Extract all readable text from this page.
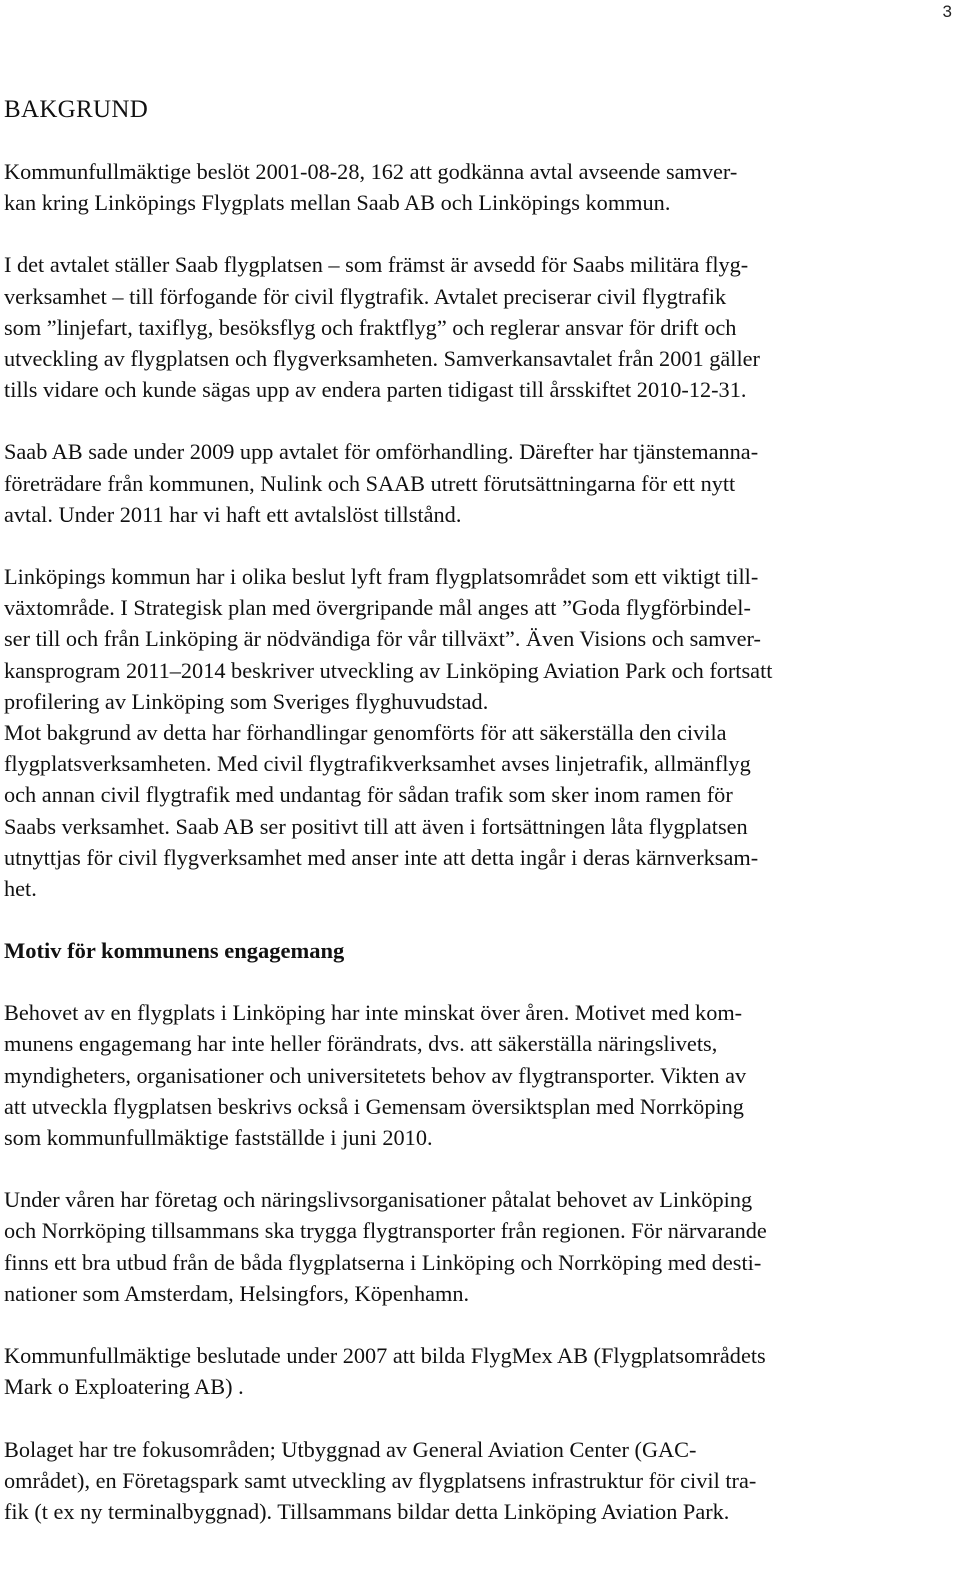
3
BAKGRUND

Kommunfullmäktige beslöt 2001-08-28, 162 att godkänna avtal avseende samver-
kan kring Linköpings Flygplats mellan Saab AB och Linköpings kommun.

I det avtalet ställer Saab flygplatsen – som främst är avsedd för Saabs militära flyg-
verksamhet – till förfogande för civil flygtrafik. Avtalet preciserar civil flygtrafik
som ”linjefart, taxiflyg, besöksflyg och fraktflyg” och reglerar ansvar för drift och
utveckling av flygplatsen och flygverksamheten. Samverkansavtalet från 2001 gäller
tills vidare och kunde sägas upp av endera parten tidigast till årsskiftet 2010-12-31.

Saab AB sade under 2009 upp avtalet för omförhandling. Därefter har tjänstemanna-
företrädare från kommunen, Nulink och SAAB utrett förutsättningarna för ett nytt
avtal. Under 2011 har vi haft ett avtalslöst tillstånd.

Linköpings kommun har i olika beslut lyft fram flygplatsområdet som ett viktigt till-
växtområde. I Strategisk plan med övergripande mål anges att ”Goda flygförbindel-
ser till och från Linköping är nödvändiga för vår tillväxt”. Även Visions och samver-
kansprogram 2011–2014 beskriver utveckling av Linköping Aviation Park och fortsatt
profilering av Linköping som Sveriges flyghuvudstad.

Mot bakgrund av detta har förhandlingar genomförts för att säkerställa den civila
flygplatsverksamheten. Med civil flygtrafikverksamhet avses linjetrafik, allmänflyg
och annan civil flygtrafik med undantag för sådan trafik som sker inom ramen för
Saabs verksamhet. Saab AB ser positivt till att även i fortsättningen låta flygplatsen
utnyttjas för civil flygverksamhet med anser inte att detta ingår i deras kärnverksam-
het.

Motiv för kommunens engagemang

Behovet av en flygplats i Linköping har inte minskat över åren. Motivet med kom-
munens engagemang har inte heller förändrats, dvs. att säkerställa näringslivets,
myndigheters, organisationer och universitetets behov av flygtransporter. Vikten av
att utveckla flygplatsen beskrivs också i Gemensam översiktsplan med Norrköping
som kommunfullmäktige fastställde i juni 2010.

Under våren har företag och näringslivsorganisationer påtalat behovet av Linköping
och Norrköping tillsammans ska trygga flygtransporter från regionen. För närvarande
finns ett bra utbud från de båda flygplatserna i Linköping och Norrköping med desti-
nationer som Amsterdam, Helsingfors, Köpenhamn.

Kommunfullmäktige beslutade under 2007 att bilda FlygMex AB (Flygplatsområdets
Mark o Exploatering AB) .

Bolaget har tre fokusområden; Utbyggnad av General Aviation Center (GAC-
området), en Företagspark samt utveckling av flygplatsens infrastruktur för civil tra-
fik (t ex ny terminalbyggnad). Tillsammans bildar detta Linköping Aviation Park.
